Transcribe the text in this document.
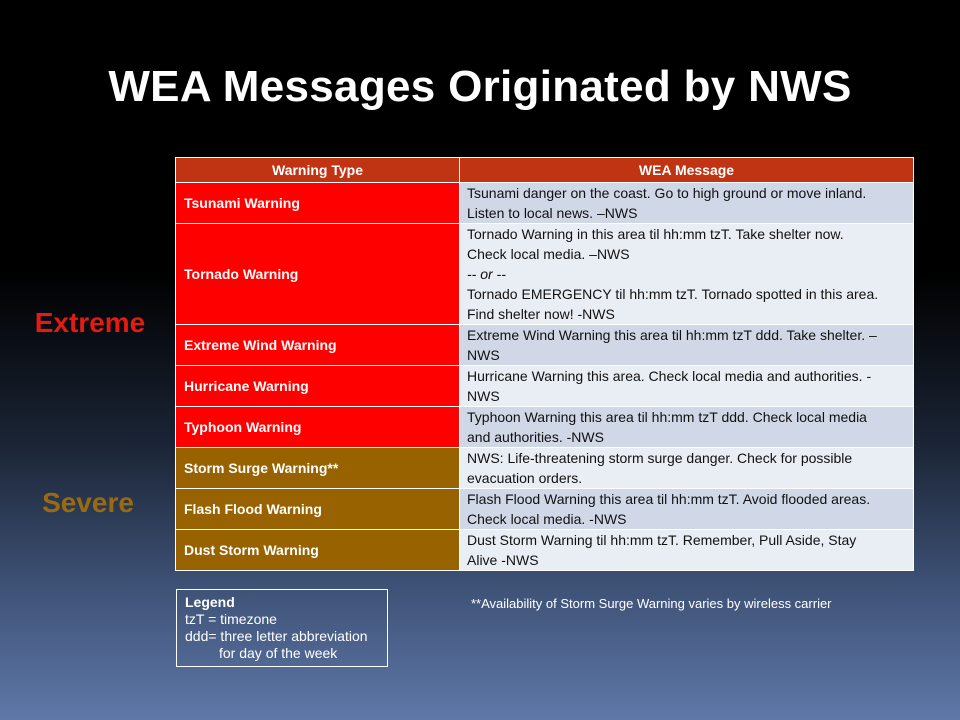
WEA Messages Originated by NWS
Extreme
Severe
Warning Type	WEA Message
Tsunami Warning	Tsunami danger on the coast. Go to high ground or move inland.
Listen to local news. –NWS

Tornado Warning	Tornado Warning in this area til hh:mm tzT. Take shelter now.
Check local media. –NWS
-- or --
Tornado EMERGENCY til hh:mm tzT. Tornado spotted in this area.
Find shelter now! -NWS

Extreme Wind Warning	Extreme Wind Warning this area til hh:mm tzT ddd. Take shelter. –
NWS

Hurricane Warning	Hurricane Warning this area. Check local media and authorities. -
NWS

Typhoon Warning	Typhoon Warning this area til hh:mm tzT ddd. Check local media
and authorities. -NWS

Storm Surge Warning**	NWS: Life-threatening storm surge danger. Check for possible
evacuation orders.

Flash Flood Warning	Flash Flood Warning this area til hh:mm tzT. Avoid flooded areas.
Check local media. -NWS

Dust Storm Warning	Dust Storm Warning til hh:mm tzT. Remember, Pull Aside, Stay
Alive -NWS
Legend
tzT = timezone
ddd= three letter abbreviation
for day of the week
**Availability of Storm Surge Warning varies by wireless carrier
